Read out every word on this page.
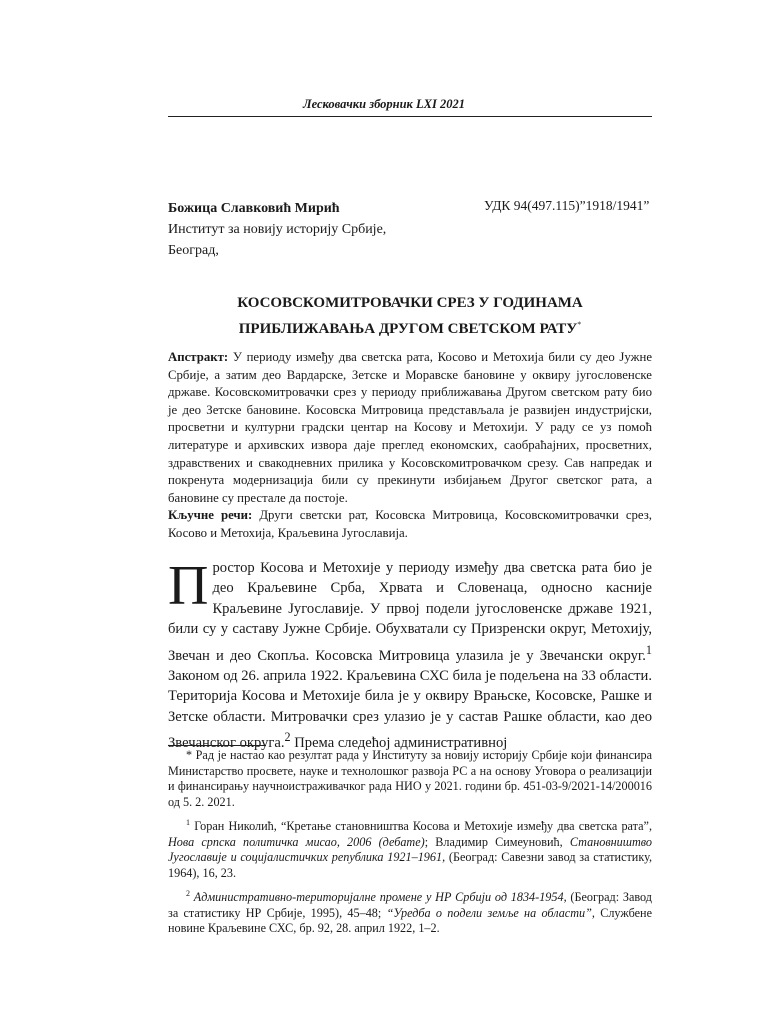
Лесковачки зборник LXI 2021
Божица Славковић Мирић
Институт за новију историју Србије,
Београд,
УДК 94(497.115)”1918/1941”
КОСОВСКОМИТРОВАЧКИ СРЕЗ У ГОДИНАМА
ПРИБЛИЖАВАЊА ДРУГОМ СВЕТСКОМ РАТУ*
Апстракт: У периоду између два светска рата, Косово и Метохија били су део Јужне Србије, а затим део Вардарске, Зетске и Моравске бановине у оквиру југословенске државе. Косовскомитровачки срез у периоду приближавања Другом светском рату био је део Зетске бановине. Косовска Митровица представљала је развијен индустријски, просветни и културни градски центар на Косову и Метохији. У раду се уз помоћ литературе и архивских извора даје преглед економских, саобраћајних, просветних, здравствених и свакодневних прилика у Косовскомитровачком срезу. Сав напредак и покренута модернизација били су прекинути избијањем Другог светског рата, а бановине су престале да постоје.
Кључне речи: Други светски рат, Косовска Митровица, Косовскомитровачки срез, Косово и Метохија, Краљевина Југославија.
Простор Косова и Метохије у периоду између два светска рата био је део Краљевине Срба, Хрвата и Словенаца, односно касније Краљевине Југославије. У првој подели југословенске државе 1921, били су у саставу Јужне Србије. Обухватали су Призренски округ, Метохију, Звечан и део Скопља. Косовска Митровица улазила је у Звечански округ.$^1$ Законом од 26. априла 1922. Краљевина СХС била је подељена на 33 области. Територија Косова и Метохије била је у оквиру Врањске, Косовске, Рашке и Зетске области. Митровачки срез улазио је у састав Рашке области, као део Звечанског округа.$^2$ Према следећој административној

* Рад је настао као резултат рада у Институту за новију историју Србије који финансира Министарство просвете, науке и технолошког развоја РС а на основу Уговора о реализацији и финансирању научноистраживачког рада НИО у 2021. години бр. 451-03-9/2021-14/200016 од 5. 2. 2021.

$^1$ Горан Николић, “Кретање становништва Косова и Метохије између два светска рата”, Нова српска политичка мисао, 2006 (дебате); Владимир Симеуновић, Становништво Југославије и социјалистичких република 1921–1961, (Београд: Савезни завод за статистику, 1964), 16, 23.

$^2$ Административно-територијалне промене у НР Србији од 1834-1954, (Београд: Завод за статистику НР Србије, 1995), 45–48; “Уредба о подели земље на области”, Службене новине Краљевине СХС, бр. 92, 28. април 1922, 1–2.
